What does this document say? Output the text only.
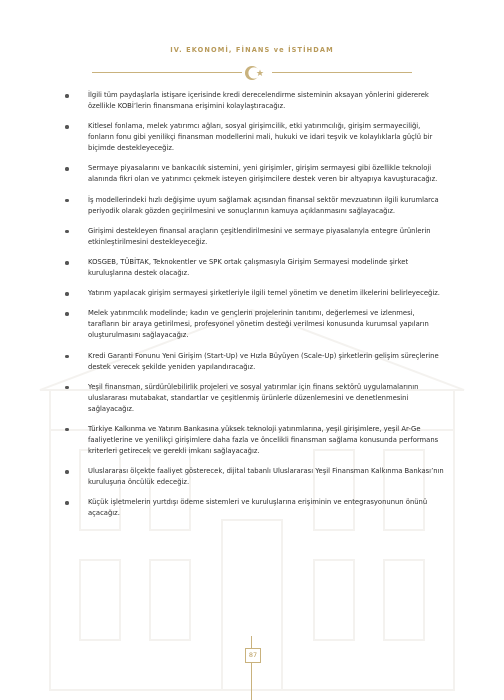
IV. EKONOMİ, FİNANS ve İSTİHDAM
İlgili tüm paydaşlarla istişare içerisinde kredi derecelendirme sisteminin aksayan yönlerini gidererek özellikle KOBİ’lerin finansmana erişimini kolaylaştıracağız.
Kitlesel fonlama, melek yatırımcı ağları, sosyal girişimcilik, etki yatırımcılığı, girişim sermayeciliği, fonların fonu gibi yenilikçi finansman modellerini mali, hukuki ve idari teşvik ve kolaylıklarla güçlü bir biçimde destekleyeceğiz.
Sermaye piyasalarını ve bankacılık sistemini, yeni girişimler, girişim sermayesi gibi özellikle teknoloji alanında fikri olan ve yatırımcı çekmek isteyen girişimcilere destek veren bir altyapıya kavuşturacağız.
İş modellerindeki hızlı değişime uyum sağlamak açısından finansal sektör mevzuatının ilgili kurumlarca periyodik olarak gözden geçirilmesini ve sonuçlarının kamuya açıklanmasını sağlayacağız.
Girişimi destekleyen finansal araçların çeşitlendirilmesini ve sermaye piyasalarıyla entegre ürünlerin etkinleştirilmesini destekleyeceğiz.
KOSGEB, TÜBİTAK, Teknokentler ve SPK ortak çalışmasıyla Girişim Sermayesi modelinde şirket kuruluşlarına destek olacağız.
Yatırım yapılacak girişim sermayesi şirketleriyle ilgili temel yönetim ve denetim ilkelerini belirleyeceğiz.
Melek yatırımcılık modelinde; kadın ve gençlerin projelerinin tanıtımı, değerlemesi ve izlenmesi, tarafların bir araya getirilmesi, profesyonel yönetim desteği verilmesi konusunda kurumsal yapıların oluşturulmasını sağlayacağız.
Kredi Garanti Fonunu Yeni Girişim (Start-Up) ve Hızla Büyüyen (Scale-Up) şirketlerin gelişim süreçlerine destek verecek şekilde yeniden yapılandıracağız.
Yeşil finansman, sürdürülebilirlik projeleri ve sosyal yatırımlar için finans sektörü uygulamalarının uluslararası mutabakat, standartlar ve çeşitlenmiş ürünlerle düzenlemesini ve denetlenmesini sağlayacağız.
Türkiye Kalkınma ve Yatırım Bankasına yüksek teknoloji yatırımlarına, yeşil girişimlere, yeşil Ar-Ge faaliyetlerine ve yenilikçi girişimlere daha fazla ve öncelikli finansman sağlama konusunda performans kriterleri getirecek ve gerekli imkanı sağlayacağız.
Uluslararası ölçekte faaliyet gösterecek, dijital tabanlı Uluslararası Yeşil Finansman Kalkınma Bankası’nın kuruluşuna öncülük edeceğiz.
Küçük işletmelerin yurtdışı ödeme sistemleri ve kuruluşlarına erişiminin ve entegrasyonunun önünü açacağız.
87
